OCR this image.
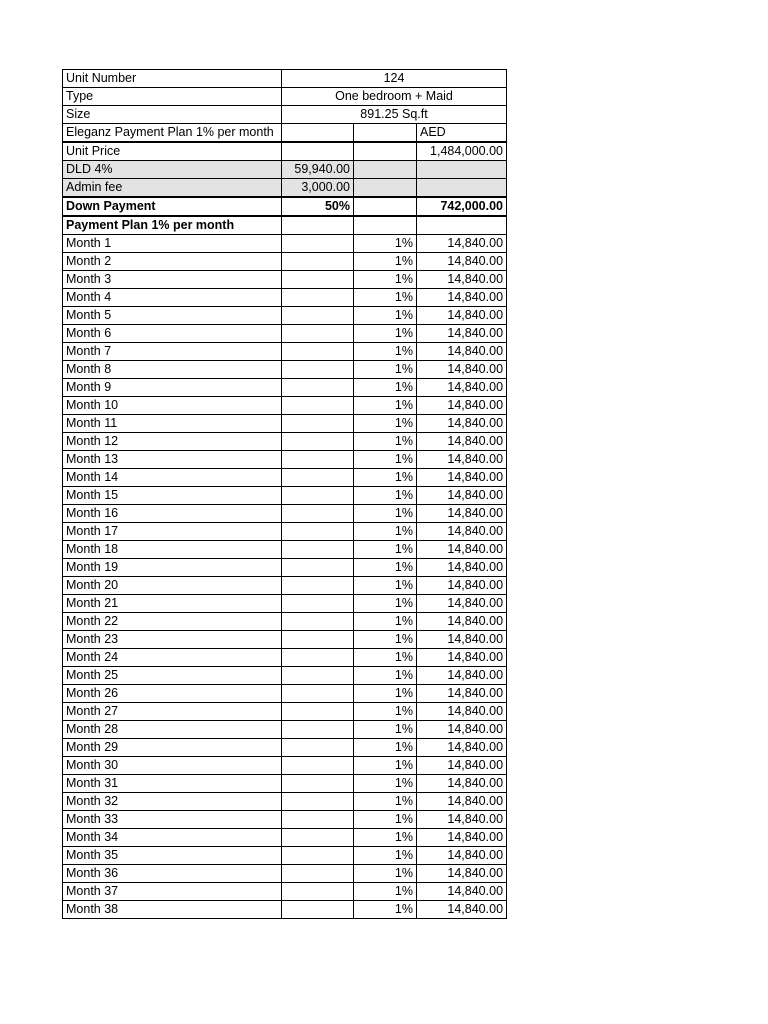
Unit Number	124		
Type	One bedroom + Maid		
Size	891.25 Sq.ft		
Eleganz Payment Plan 1% per month			AED
Unit Price			1,484,000.00
DLD 4%	59,940.00		
Admin fee	3,000.00		
Down Payment	50%		742,000.00
Payment Plan 1% per month			
Month 1		1%	14,840.00
Month 2		1%	14,840.00
Month 3		1%	14,840.00
Month 4		1%	14,840.00
Month 5		1%	14,840.00
Month 6		1%	14,840.00
Month 7		1%	14,840.00
Month 8		1%	14,840.00
Month 9		1%	14,840.00
Month 10		1%	14,840.00
Month 11		1%	14,840.00
Month 12		1%	14,840.00
Month 13		1%	14,840.00
Month 14		1%	14,840.00
Month 15		1%	14,840.00
Month 16		1%	14,840.00
Month 17		1%	14,840.00
Month 18		1%	14,840.00
Month 19		1%	14,840.00
Month 20		1%	14,840.00
Month 21		1%	14,840.00
Month 22		1%	14,840.00
Month 23		1%	14,840.00
Month 24		1%	14,840.00
Month 25		1%	14,840.00
Month 26		1%	14,840.00
Month 27		1%	14,840.00
Month 28		1%	14,840.00
Month 29		1%	14,840.00
Month 30		1%	14,840.00
Month 31		1%	14,840.00
Month 32		1%	14,840.00
Month 33		1%	14,840.00
Month 34		1%	14,840.00
Month 35		1%	14,840.00
Month 36		1%	14,840.00
Month 37		1%	14,840.00
Month 38		1%	14,840.00
